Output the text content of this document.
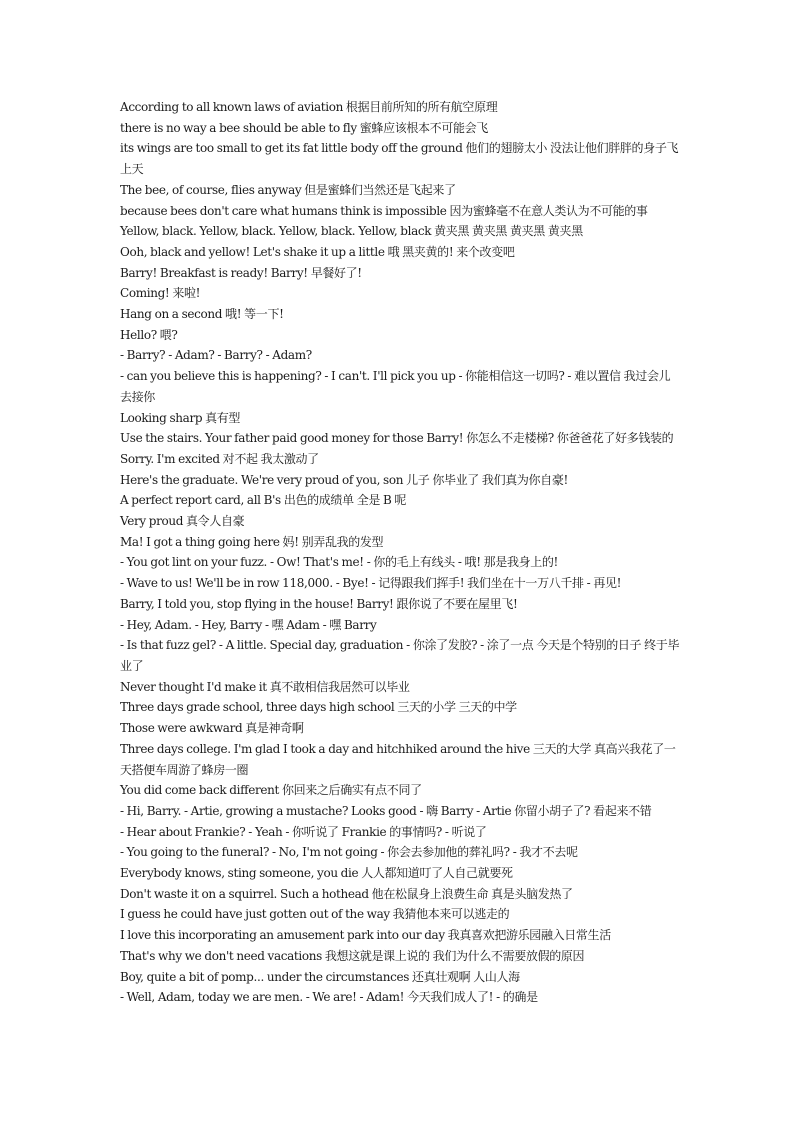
According to all known laws of aviation 根据目前所知的所有航空原理
there is no way a bee should be able to fly 蜜蜂应该根本不可能会飞
its wings are too small to get its fat little body off the ground 他们的翅膀太小 没法让他们胖胖的身子飞上天
The bee, of course, flies anyway 但是蜜蜂们当然还是飞起来了
because bees don't care what humans think is impossible 因为蜜蜂毫不在意人类认为不可能的事
Yellow, black. Yellow, black. Yellow, black. Yellow, black 黄夹黑 黄夹黑 黄夹黑 黄夹黑
Ooh, black and yellow! Let's shake it up a little 哦 黑夹黄的! 来个改变吧
Barry! Breakfast is ready! Barry! 早餐好了!
Coming! 来啦!
Hang on a second 哦! 等一下!
Hello? 喂?
- Barry? - Adam? - Barry? - Adam?
- can you believe this is happening? - I can't. I'll pick you up - 你能相信这一切吗? - 难以置信 我过会儿去接你
Looking sharp 真有型
Use the stairs. Your father paid good money for those Barry! 你怎么不走楼梯? 你爸爸花了好多钱装的
Sorry. I'm excited 对不起 我太激动了
Here's the graduate. We're very proud of you, son 儿子 你毕业了 我们真为你自豪!
A perfect report card, all B's 出色的成绩单 全是 B 呢
Very proud 真令人自豪
Ma! I got a thing going here 妈! 别弄乱我的发型
- You got lint on your fuzz. - Ow! That's me! - 你的毛上有线头 - 哦! 那是我身上的!
- Wave to us! We'll be in row 118,000. - Bye! - 记得跟我们挥手! 我们坐在十一万八千排 - 再见!
Barry, I told you, stop flying in the house! Barry! 跟你说了不要在屋里飞!
- Hey, Adam. - Hey, Barry - 嘿 Adam - 嘿 Barry
- Is that fuzz gel? - A little. Special day, graduation - 你涂了发胶? - 涂了一点 今天是个特别的日子 终于毕业了
Never thought I'd make it 真不敢相信我居然可以毕业
Three days grade school, three days high school 三天的小学 三天的中学
Those were awkward 真是神奇啊
Three days college. I'm glad I took a day and hitchhiked around the hive 三天的大学 真高兴我花了一天搭便车周游了蜂房一圈
You did come back different 你回来之后确实有点不同了
- Hi, Barry. - Artie, growing a mustache? Looks good - 嗨 Barry - Artie 你留小胡子了? 看起来不错
- Hear about Frankie? - Yeah - 你听说了 Frankie 的事情吗? - 听说了
- You going to the funeral? - No, I'm not going - 你会去参加他的葬礼吗? - 我才不去呢
Everybody knows, sting someone, you die 人人都知道叮了人自己就要死
Don't waste it on a squirrel. Such a hothead 他在松鼠身上浪费生命 真是头脑发热了
I guess he could have just gotten out of the way 我猜他本来可以逃走的
I love this incorporating an amusement park into our day 我真喜欢把游乐园融入日常生活
That's why we don't need vacations 我想这就是课上说的 我们为什么不需要放假的原因
Boy, quite a bit of pomp... under the circumstances 还真壮观啊 人山人海
- Well, Adam, today we are men. - We are! - Adam! 今天我们成人了! - 的确是
